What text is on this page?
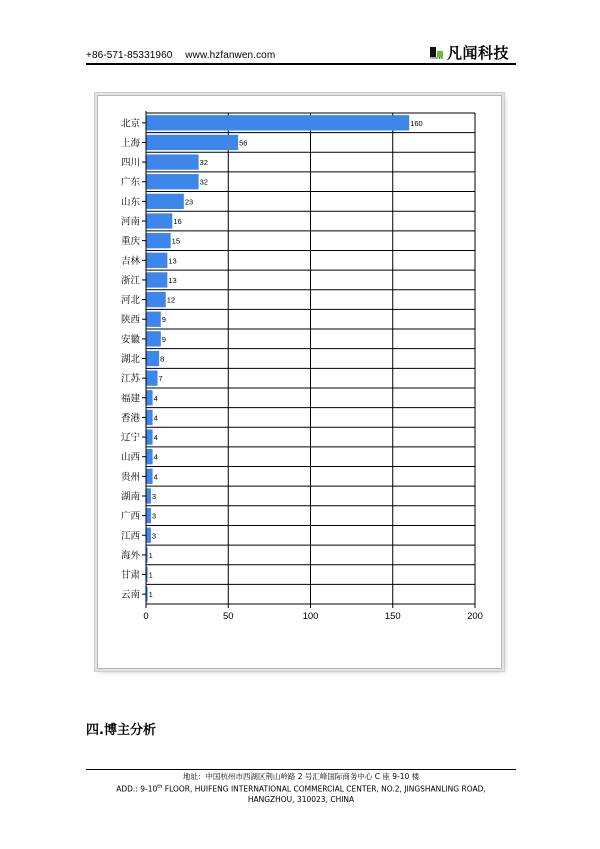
+86-571-85331960 www.hzfanwen.com	FANWEN 凡闻科技
北京	160
上海	56
四川	32
广东	32
山东	23
河南	16
重庆	15
吉林	13
浙江	13
河北	12
陕西	9
安徽	9
湖北	8
江苏 7
福建 4
香港 4
辽宁 4
山西 4
贵州 4
湖南 3
广西 3
江西 3
海外 1
甘肃 1
云南 1
0	50	100	150	200
四.博主分析
地址：中国杭州市西湖区荆山岭路 2 号汇峰国际商务中心 C 座 9-10 楼
ADD.: 9-10th FLOOR, HUIFENG INTERNATIONAL COMMERCIAL CENTER, NO.2, JINGSHANLING ROAD,
HANGZHOU, 310023, CHINA
